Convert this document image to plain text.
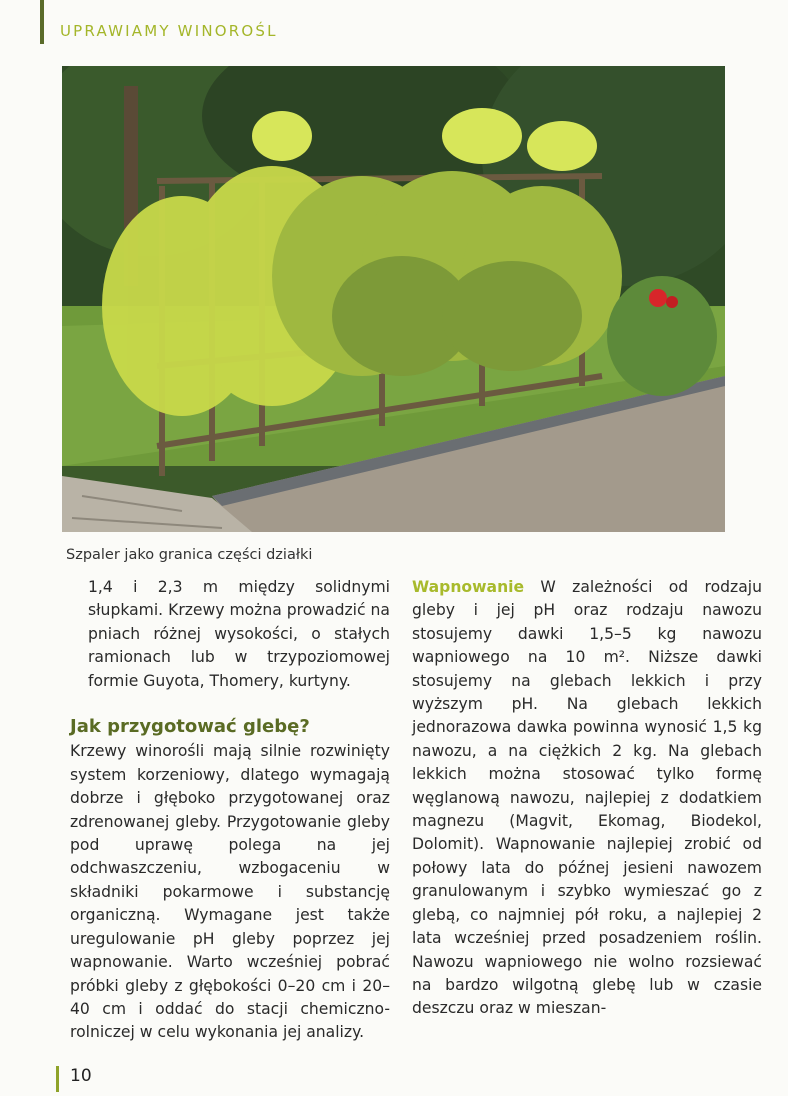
UPRAWIAMY WINOROŚL
Szpaler jako granica części działki

1,4 i 2,3 m między solidnymi słupkami. Krzewy można prowadzić na pniach różnej wysokości, o stałych ramionach lub w trzypoziomowej formie Guyota, Thomery, kurtyny.

Jak przygotować glebę?

Krzewy winorośli mają silnie rozwinięty system korzeniowy, dlatego wymagają dobrze i głęboko przygotowanej oraz zdrenowanej gleby. Przygotowanie gleby pod uprawę polega na jej odchwaszczeniu, wzbogaceniu w składniki pokarmowe i substancję organiczną. Wymagane jest także uregulowanie pH gleby poprzez jej wapnowanie. Warto wcześniej pobrać próbki gleby z głębokości 0–20 cm i 20–40 cm i oddać do stacji chemiczno-rolniczej w celu wykonania jej analizy.

Wapnowanie W zależności od rodzaju gleby i jej pH oraz rodzaju nawozu stosujemy dawki 1,5–5 kg nawozu wapniowego na 10 m². Niższe dawki stosujemy na glebach lekkich i przy wyższym pH. Na glebach lekkich jednorazowa dawka powinna wynosić 1,5 kg nawozu, a na ciężkich 2 kg. Na glebach lekkich można stosować tylko formę węglanową nawozu, najlepiej z dodatkiem magnezu (Magvit, Ekomag, Biodekol, Dolomit). Wapnowanie najlepiej zrobić od połowy lata do późnej jesieni nawozem granulowanym i szybko wymieszać go z glebą, co najmniej pół roku, a najlepiej 2 lata wcześniej przed posadzeniem roślin. Nawozu wapniowego nie wolno rozsiewać na bardzo wilgotną glebę lub w czasie deszczu oraz w mieszan-

10
